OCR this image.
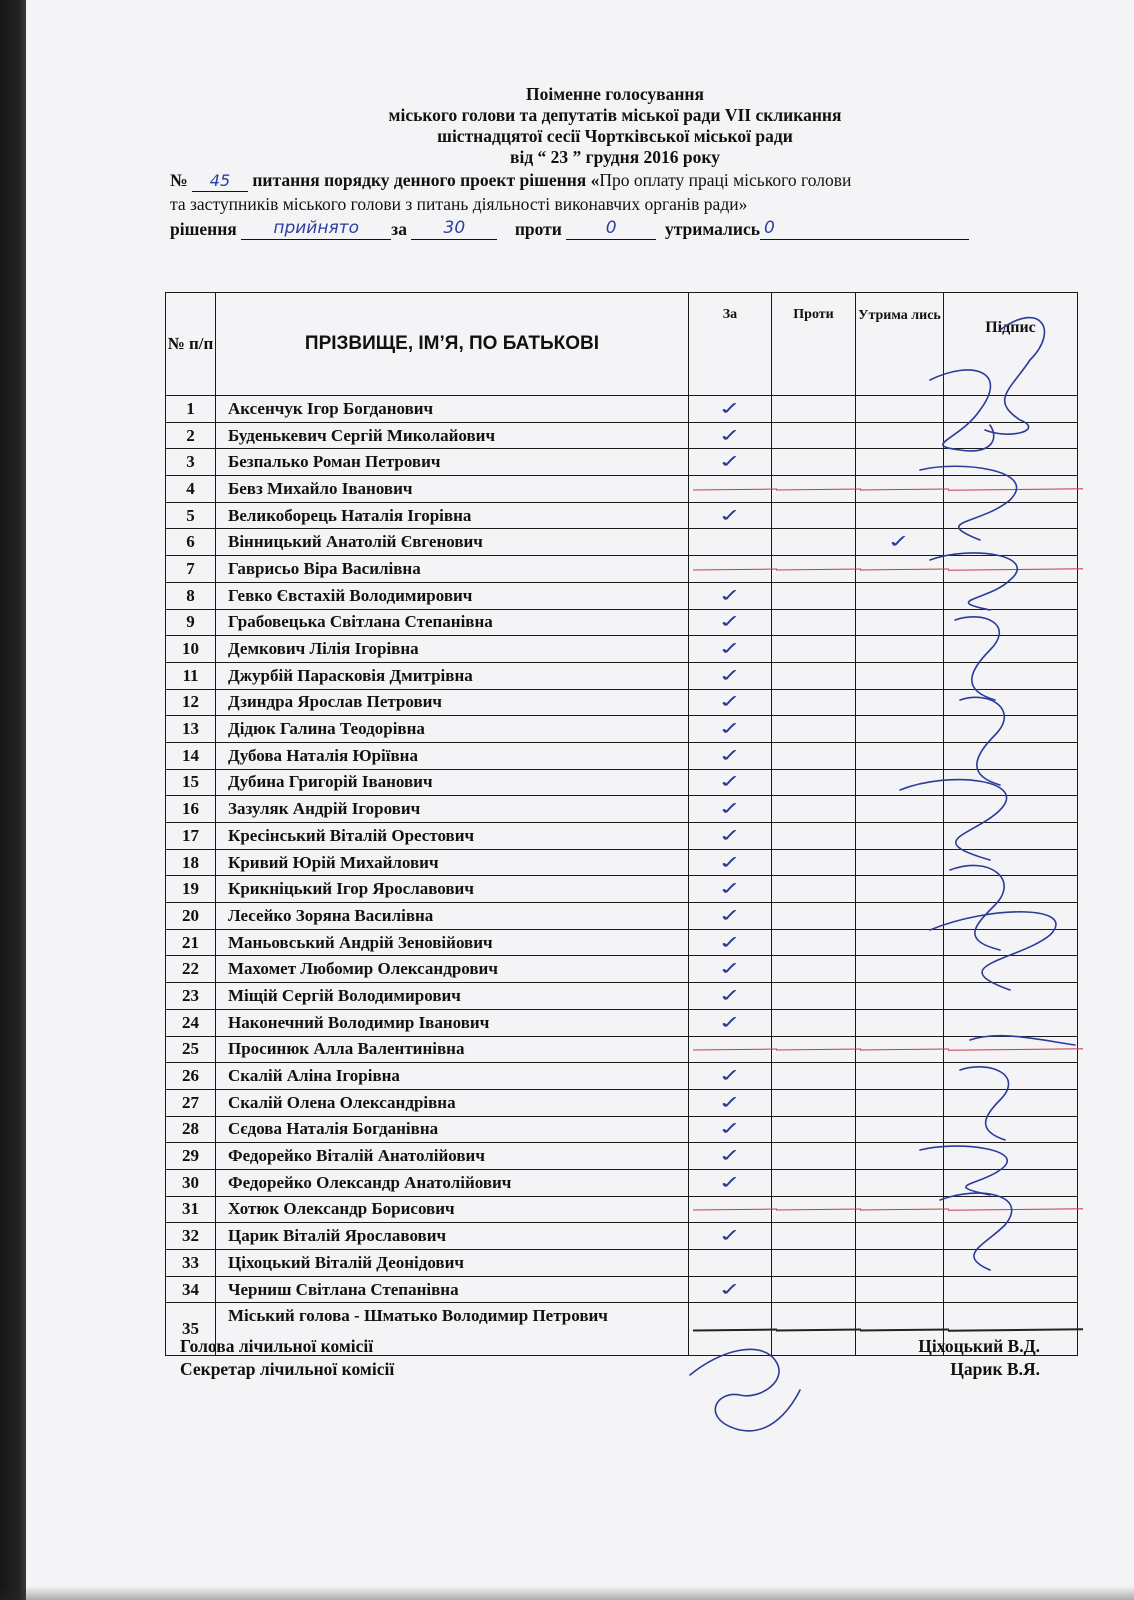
Поіменне голосування
міського голови та депутатів міської ради VII скликання
шістнадцятої сесії Чортківської міської ради
від “ 23 ” грудня 2016 року
№ 45 питання порядку денного проект рішення «Про оплату праці міського голови
та заступників міського голови з питань діяльності виконавчих органів ради»
рішення прийнято за 30	проти	0	утримались 0
№ п/п	ПРІЗВИЩЕ, ІМ’Я, ПО БАТЬКОВІ	За	Проти	Утрима лись	Підпис
1	Аксенчук Ігор Богданович	✓			
2	Буденькевич Сергій Миколайович	✓			
3	Безпалько Роман Петрович	✓			
4	Бевз Михайло Іванович				
5	Великоборець Наталія Ігорівна	✓			
6	Вінницький Анатолій Євгенович			✓	
7	Гаврисьо Віра Василівна				
8	Гевко Євстахій Володимирович	✓			
9	Грабовецька Світлана Степанівна	✓			
10	Демкович Лілія Ігорівна	✓			
11	Джурбій Парасковія Дмитрівна	✓			
12	Дзиндра Ярослав Петрович	✓			
13	Дідюк Галина Теодорівна	✓			
14	Дубова Наталія Юріївна	✓			
15	Дубина Григорій Іванович	✓			
16	Зазуляк Андрій Ігорович	✓			
17	Кресінський Віталій Орестович	✓			
18	Кривий Юрій Михайлович	✓			
19	Крикніцький Ігор Ярославович	✓			
20	Лесейко Зоряна Василівна	✓			
21	Маньовський Андрій Зеновійович	✓			
22	Махомет Любомир Олександрович	✓			
23	Міщій Сергій Володимирович	✓			
24	Наконечний Володимир Іванович	✓			
25	Просинюк Алла Валентинівна				
26	Скалій Аліна Ігорівна	✓			
27	Скалій Олена Олександрівна	✓			
28	Сєдова Наталія Богданівна	✓			
29	Федорейко Віталій Анатолійович	✓			
30	Федорейко Олександр Анатолійович	✓			
31	Хотюк Олександр Борисович				
32	Царик Віталій Ярославович	✓			
33	Ціхоцький Віталій Деонідович				
34	Черниш Світлана Степанівна	✓			
35	Міський голова - Шматько Володимир Петрович				
Голова лічильної комісії	Ціхоцький В.Д.
Секретар лічильної комісії	Царик В.Я.
